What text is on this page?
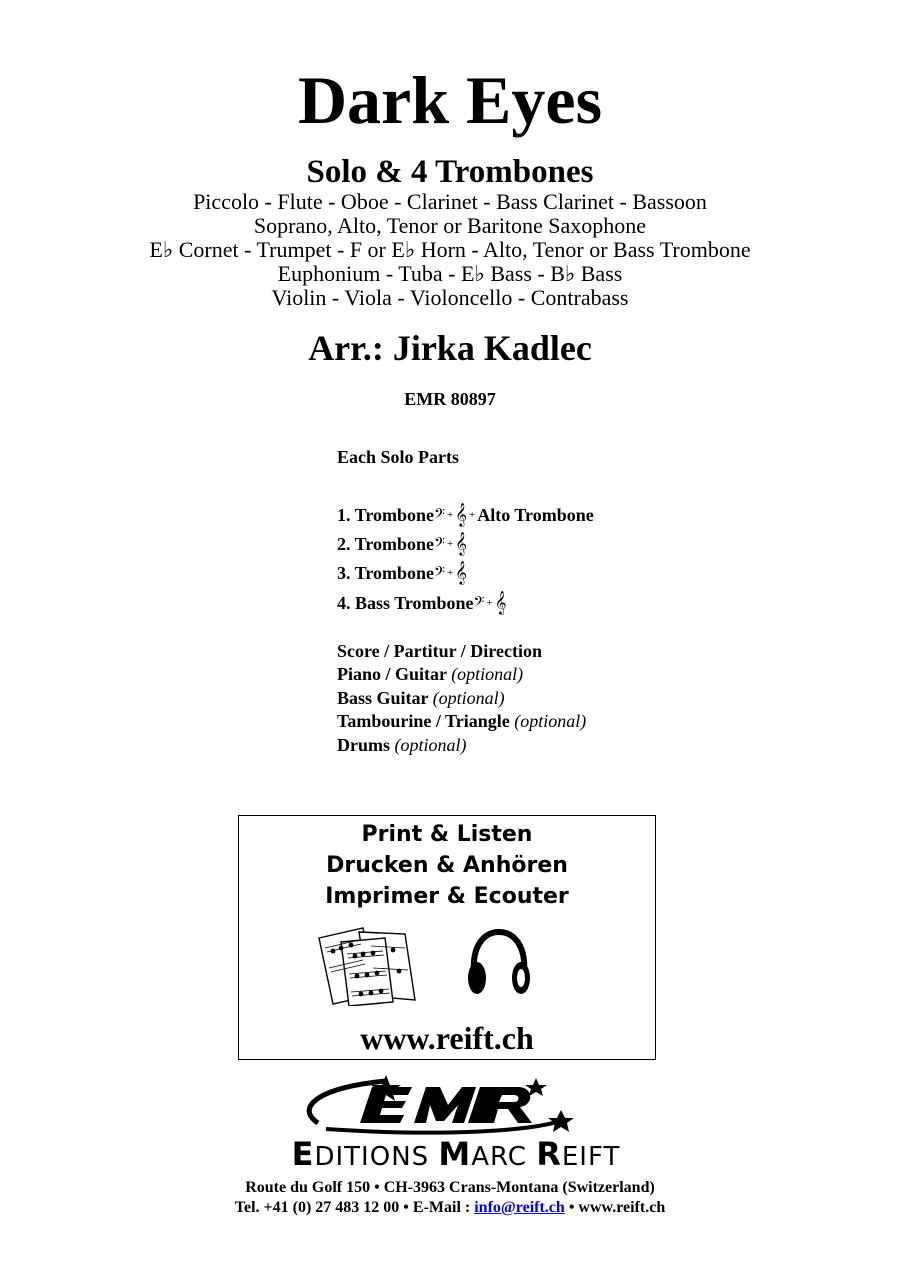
Dark Eyes
Solo & 4 Trombones
Piccolo - Flute - Oboe - Clarinet - Bass Clarinet - Bassoon
Soprano, Alto, Tenor or Baritone Saxophone
E♭ Cornet - Trumpet - F or E♭ Horn - Alto, Tenor or Bass Trombone
Euphonium - Tuba - E♭ Bass - B♭ Bass
Violin - Viola - Violoncello - Contrabass
Arr.: Jirka Kadlec
EMR 80897
Each Solo Parts
1. Trombone𝄢 + 𝄞 + Alto Trombone
2. Trombone𝄢 + 𝄞
3. Trombone𝄢 + 𝄞
4. Bass Trombone𝄢 + 𝄞
Score / Partitur / Direction
Piano / Guitar (optional)
Bass Guitar (optional)
Tambourine / Triangle (optional)
Drums (optional)
Print & Listen
Drucken & Anhören
Imprimer & Ecouter
www.reift.ch
EDITIONS MARC REIFT
Route du Golf 150 • CH-3963 Crans-Montana (Switzerland)
Tel. +41 (0) 27 483 12 00 • E-Mail : info@reift.ch • www.reift.ch
